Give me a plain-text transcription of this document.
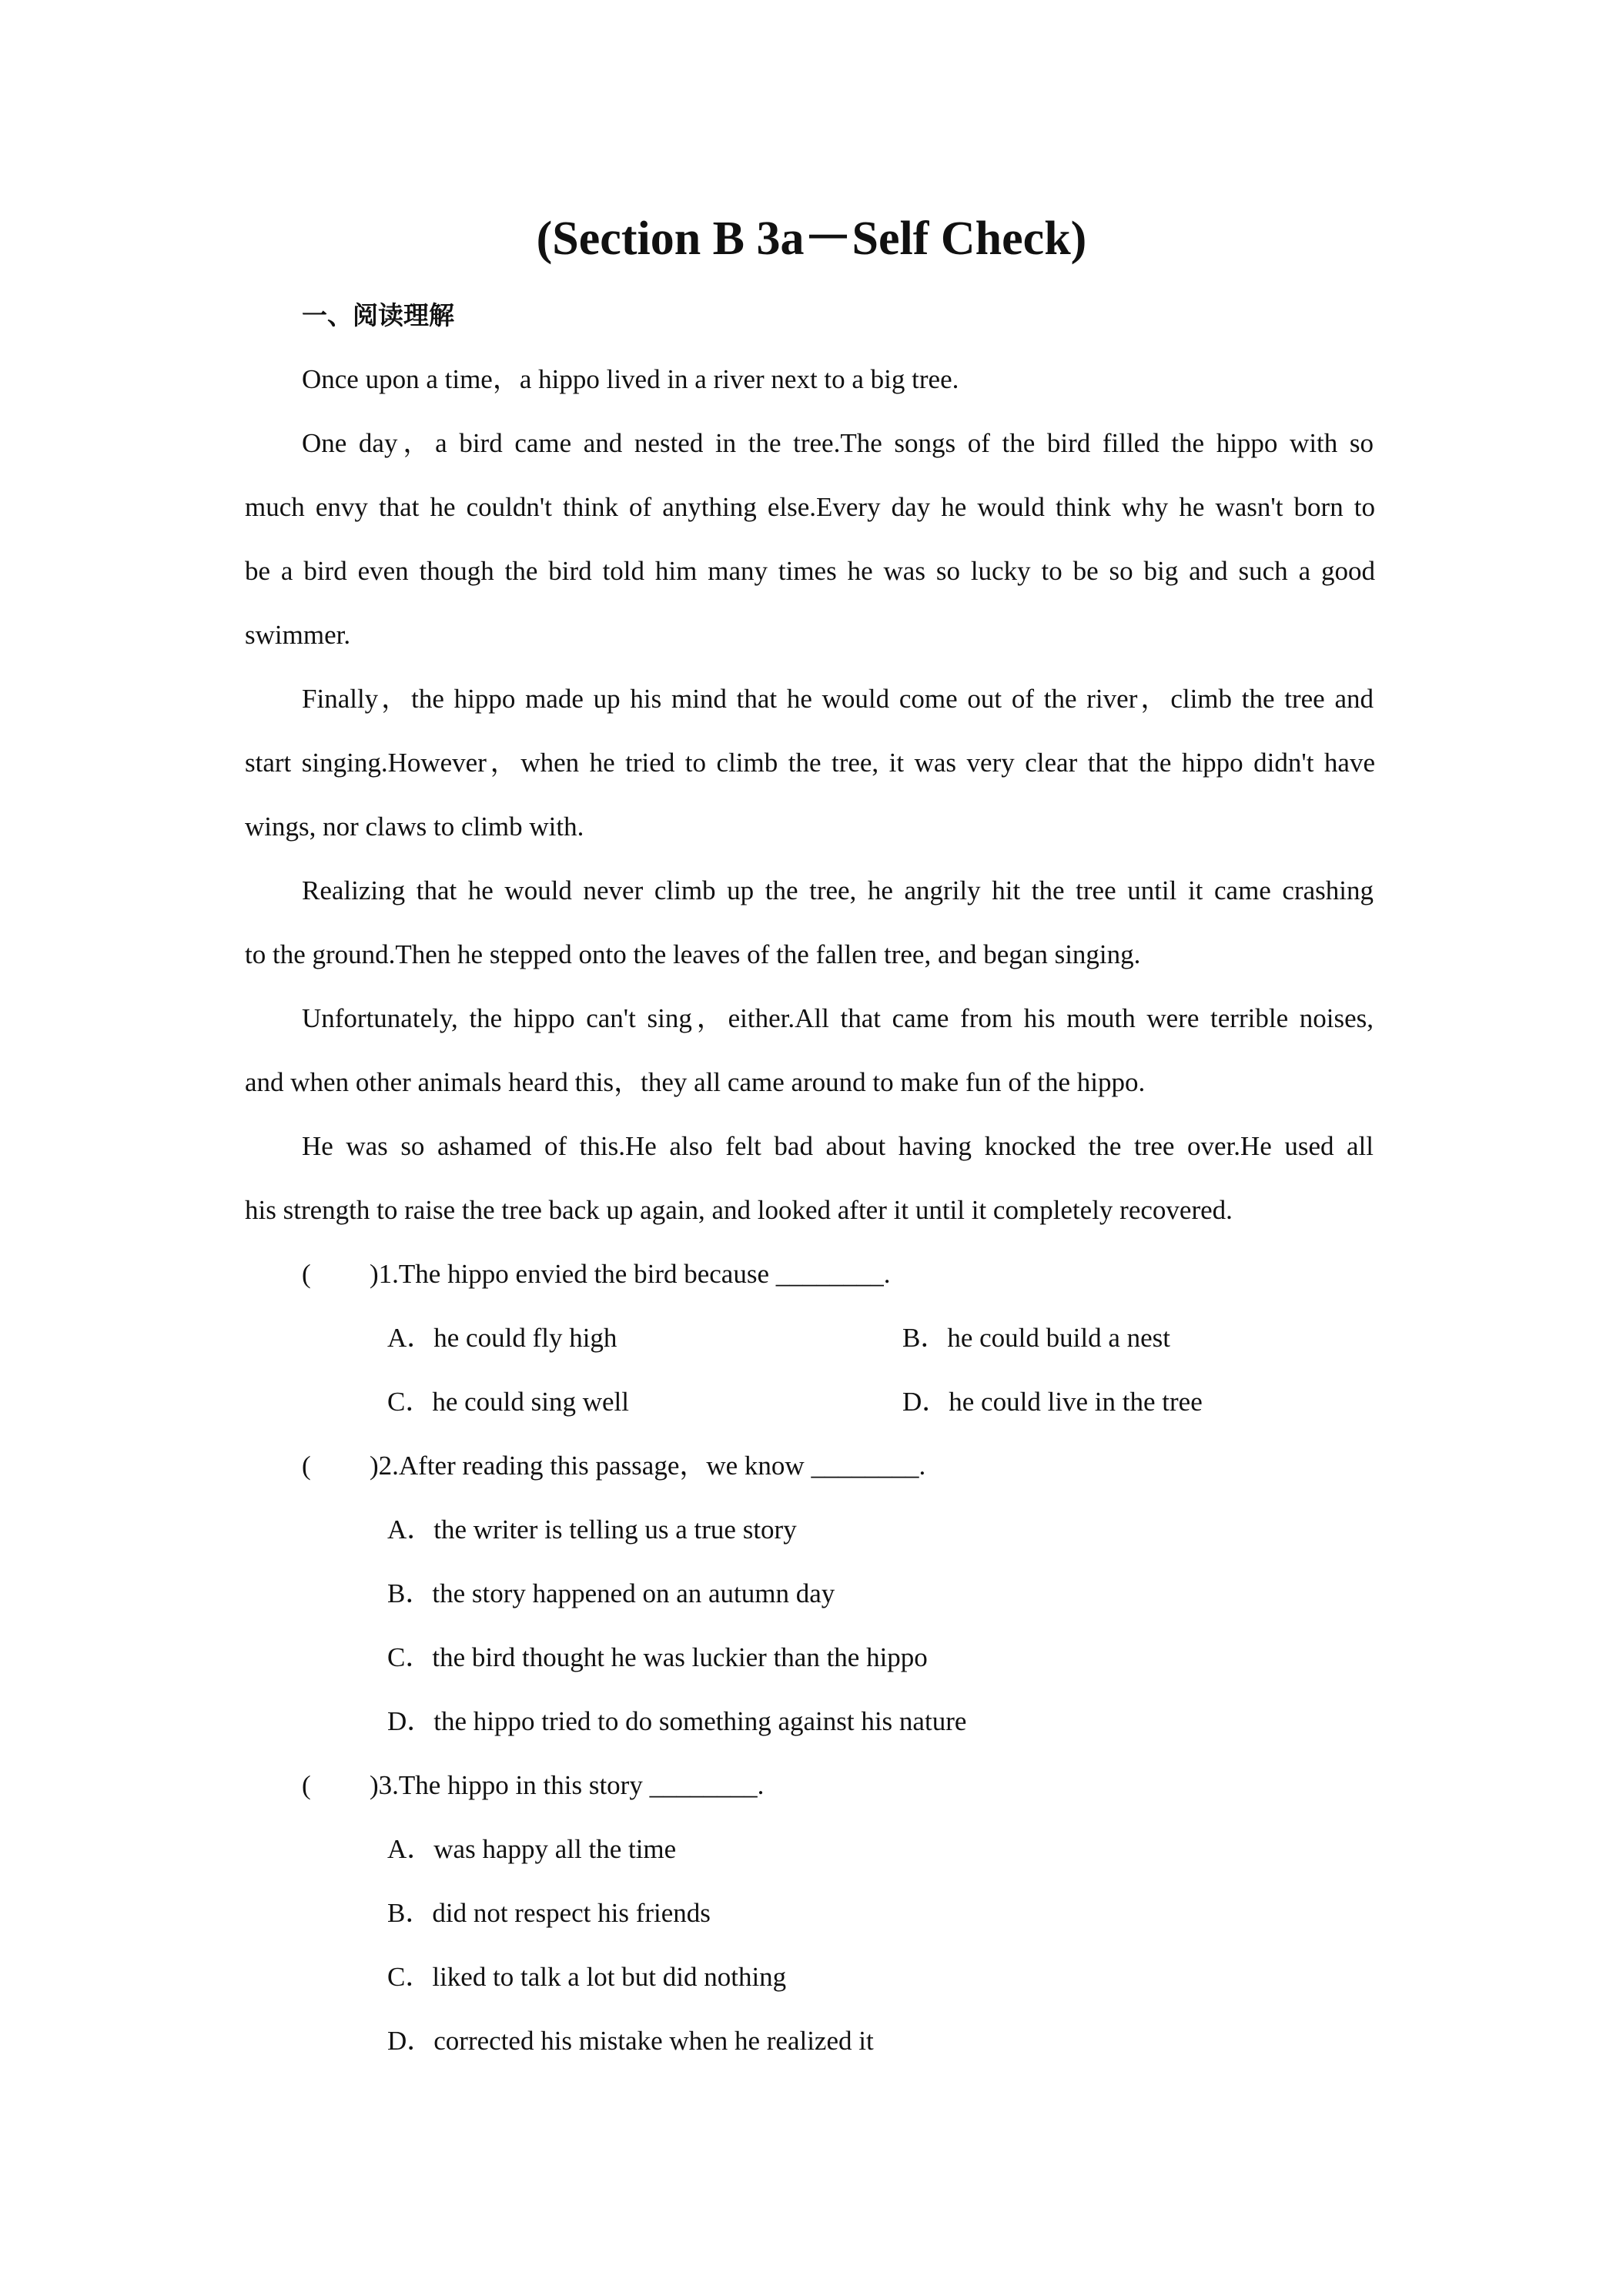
(Section B 3a－Self Check)
一、阅读理解
Once upon a time，a hippo lived in a river next to a big tree.
One day，a bird came and nested in the tree.The songs of the bird filled the hippo with so
much envy that he couldn't think of anything else.Every day he would think why he wasn't born to
be a bird even though the bird told him many times he was so lucky to be so big and such a good
swimmer.
Finally，the hippo made up his mind that he would come out of the river，climb the tree and
start singing.However，when he tried to climb the tree, it was very clear that the hippo didn't have
wings, nor claws to climb with.
Realizing that he would never climb up the tree, he angrily hit the tree until it came crashing
to the ground.Then he stepped onto the leaves of the fallen tree, and began singing.
Unfortunately, the hippo can't sing，either.All that came from his mouth were terrible noises,
and when other animals heard this，they all came around to make fun of the hippo.
He was so ashamed of this.He also felt bad about having knocked the tree over.He used all
his strength to raise the tree back up again, and looked after it until it completely recovered.
( )1.The hippo envied the bird because ________.
A．he could fly high	B．he could build a nest
C．he could sing well	D．he could live in the tree
( )2.After reading this passage，we know ________.
A．the writer is telling us a true story
B．the story happened on an autumn day
C．the bird thought he was luckier than the hippo
D．the hippo tried to do something against his nature
( )3.The hippo in this story ________.
A．was happy all the time
B．did not respect his friends
C．liked to talk a lot but did nothing
D．corrected his mistake when he realized it
